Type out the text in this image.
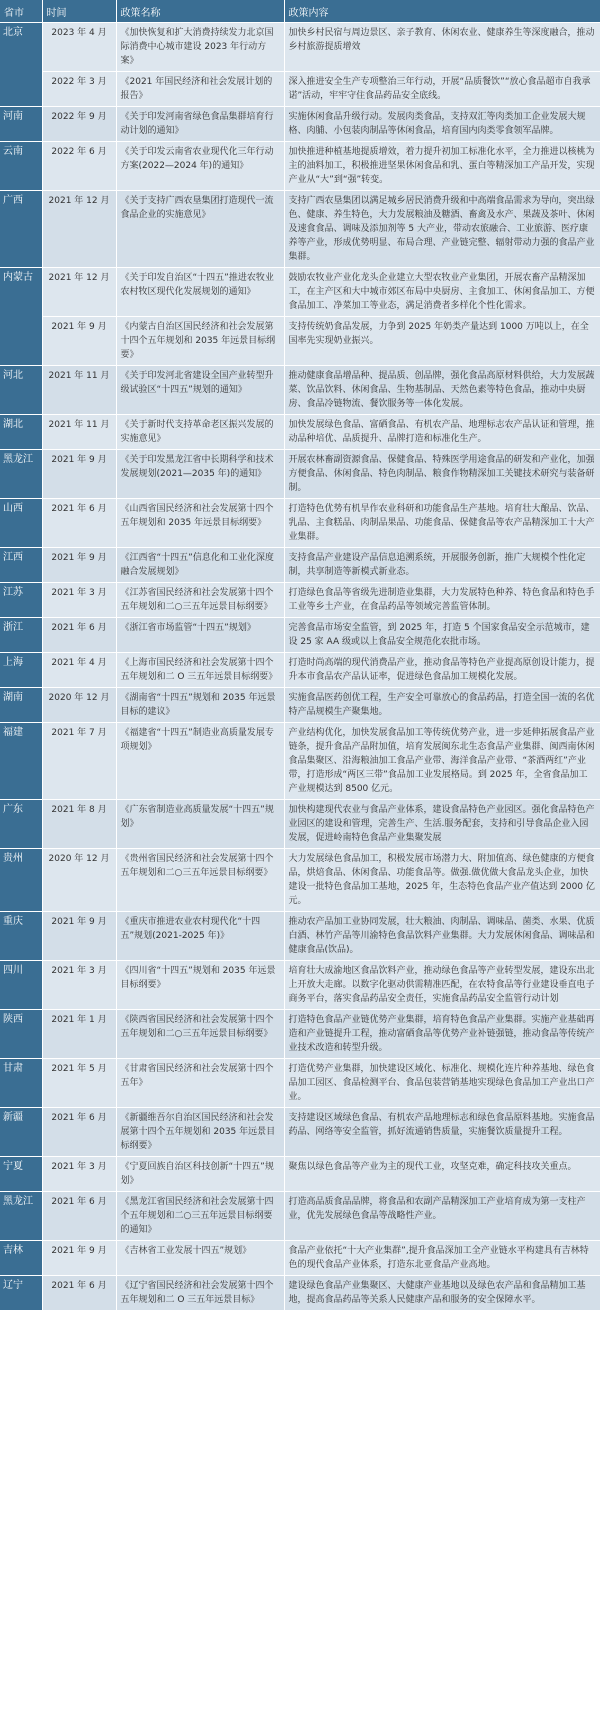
省市	时间	政策名称	政策内容
北京	2023 年 4 月	《加快恢复和扩大消费持续发力北京国际消费中心城市建设 2023 年行动方案》	加快乡村民宿与周边景区、亲子教育、休闲农业、健康养生等深度融合，推动乡村旅游提质增效
	2022 年 3 月	《2021 年国民经济和社会发展计划的报告》	深入推进安全生产专项整治三年行动，开展“品质餐饮”“放心食品超市自我承诺”活动，牢牢守住食品药品安全底线。
河南	2022 年 9 月	《关于印发河南省绿色食品集群培育行动计划的通知》	实施休闲食品升级行动。发展肉类食品，支持双汇等肉类加工企业发展大规格、肉脯、小包装肉制品等休闲食品，培育国内肉类零食领军品牌。
云南	2022 年 6 月	《关于印发云南省农业现代化三年行动方案(2022—2024 年)的通知》	加快推进种植基地提质增效，着力提升初加工标准化水平，全力推进以核桃为主的油料加工，积极推进坚果休闲食品和乳、蛋白等精深加工产品开发，实现产业从“大”到“强”转变。
广西	2021 年 12 月	《关于支持广西农垦集团打造现代一流食品企业的实施意见》	支持广西农垦集团以满足城乡居民消费升级和中高端食品需求为导向，突出绿色、健康、养生特色，大力发展粮油及糖酒、畜禽及水产、果蔬及茶叶、休闲及速食食品、调味及添加剂等 5 大产业，带动农旅融合、工业旅游、医疗康养等产业，形成优势明显、布局合理、产业链完整、辐射带动力强的食品产业集群。
内蒙古	2021 年 12 月	《关于印发自治区“十四五”推进农牧业农村牧区现代化发展规划的通知》	鼓励农牧业产业化龙头企业建立大型农牧业产业集团，开展农畜产品精深加工，在主产区和大中城市郊区布局中央厨房、主食加工、休闲食品加工、方便食品加工、净菜加工等业态，满足消费者多样化个性化需求。
	2021 年 9 月	《内蒙古自治区国民经济和社会发展第十四个五年规划和 2035 年远景目标纲要》	支持传统奶食品发展，力争到 2025 年奶类产量达到 1000 万吨以上，在全国率先实现奶业振兴。
河北	2021 年 11 月	《关于印发河北省建设全国产业转型升级试验区“十四五”规划的通知》	推动健康食品增品种、提品质、创品牌，强化食品高原材料供给，大力发展蔬菜、饮品饮料、休闲食品、生物基制品、天然色素等特色食品，推动中央厨房、食品冷链物流、餐饮服务等一体化发展。
湖北	2021 年 11 月	《关于新时代支持革命老区振兴发展的实施意见》	加快发展绿色食品、富硒食品、有机农产品、地理标志农产品认证和管理，推动品种培优、品质提升、品牌打造和标准化生产。
黑龙江	2021 年 9 月	《关于印发黑龙江省中长期科学和技术发展规划(2021—2035 年)的通知》	开展农林畜副资源食品、保健食品、特殊医学用途食品的研发和产业化，加强方便食品、休闲食品、特色肉制品、粮食作物精深加工关键技术研究与装备研制。
山西	2021 年 6 月	《山西省国民经济和社会发展第十四个五年规划和 2035 年远景目标纲要》	打造特色优势有机旱作农业科研和功能食品生产基地。培育壮大酿品、饮品、乳品、主食糕品、肉制品果品、功能食品、保健食品等农产品精深加工十大产业集群。
江西	2021 年 9 月	《江西省“十四五”信息化和工业化深度融合发展规划》	支持食品产业建设产品信息追溯系统，开展服务创新，推广大规模个性化定制，共享制造等新模式新业态。
江苏	2021 年 3 月	《江苏省国民经济和社会发展第十四个五年规划和二○三五年远景目标纲要》	打造绿色食品等省级先进制造业集群，大力发展特色种养、特色食品和特色手工业等乡土产业，在食品药品等领域完善监管体制。
浙江	2021 年 6 月	《浙江省市场监管“十四五”规划》	完善食品市场安全监管，到 2025 年，打造 5 个国家食品安全示范城市，建设 25 家 AA 级或以上食品安全规范化农批市场。
上海	2021 年 4 月	《上海市国民经济和社会发展第十四个五年规划和二 O 三五年远景目标纲要》	打造时尚高端的现代消费品产业，推动食品等特色产业提高原创设计能力，提升本市食品农产品认证率，促进绿色食品加工规模化发展。
湖南	2020 年 12 月	《湖南省“十四五”规划和 2035 年远景目标的建议》	实施食品医药创优工程，生产安全可靠放心的食品药品，打造全国一流的名优特产品规模生产聚集地。
福建	2021 年 7 月	《福建省“十四五”制造业高质量发展专项规划》	产业结构优化，加快发展食品加工等传统优势产业，进一步延伸拓展食品产业链条，提升食品产品附加值，培育发展闽东北生态食品产业集群、闽西南休闲食品集聚区、沿海粮油加工食品产业带、海洋食品产业带、“茶酒两红”产业带，打造形成“两区三带”食品加工业发展格局。到 2025 年，全省食品加工产业规模达到 8500 亿元。
广东	2021 年 8 月	《广东省制造业高质量发展“十四五”规划》	加快构建现代农业与食品产业体系，建设食品特色产业园区。强化食品特色产业园区的建设和管理，完善生产、生活.服务配套，支持和引导食品企业入园发展，促进岭南特色食品产业集聚发展
贵州	2020 年 12 月	《贵州省国民经济和社会发展第十四个五年规划和二○三五年远景目标纲要》	大力发展绿色食品加工，积极发展市场潜力大、附加值高、绿色健康的方便食品，烘焙食品、休闲食品、功能食品等。做强.做优做大食品龙头企业，加快建设一批特色食品加工基地，2025 年，生态特色食品产业产值达到 2000 亿元。
重庆	2021 年 9 月	《重庆市推进农业农村现代化“十四五”规划(2021-2025 年)》	推动农产品加工业协同发展，壮大粮油、肉制品、调味品、菌类、水果、优质白酒、林竹产品等川渝特色食品饮料产业集群。大力发展休闲食品、调味品和健康食品(饮品)。
四川	2021 年 3 月	《四川省“十四五”规划和 2035 年远景目标纲要》	培育壮大成渝地区食品饮料产业，推动绿色食品等产业转型发展，建设东出北上开放大走廊。以数字化驱动供需精准匹配，在农特食品等行业建设垂直电子商务平台，落实食品药品安全责任，实施食品药品安全监管行动计划
陕西	2021 年 1 月	《陕西省国民经济和社会发展第十四个五年规划和二○三五年远景目标纲要》	打造特色食品产业链优势产业集群，培育特色食品产业集群。实施产业基础再造和产业链提升工程，推动富硒食品等优势产业补链强链，推动食品等传统产业技术改造和转型升级。
甘肃	2021 年 5 月	《甘肃省国民经济和社会发展第十四个五年》	打造优势产业集群，加快建设区域化、标准化、规模化连片种养基地、绿色食品加工园区、食品检测平台、食品包装营销基地实现绿色食品加工产业出口产业。
新疆	2021 年 6 月	《新疆维吾尔自治区国民经济和社会发展第十四个五年规划和 2035 年远景目标纲要》	支持建设区域绿色食品、有机农产品地理标志和绿色食品原料基地。实施食品药品、网络等安全监管，抓好流通销售质量，实施餐饮质量提升工程。
宁夏	2021 年 3 月	《宁夏回族自治区科技创新“十四五”规划》	聚焦以绿色食品等产业为主的现代工业，攻坚克难，确定科技攻关重点。
黑龙江	2021 年 6 月	《黑龙江省国民经济和社会发展第十四个五年规划和二○三五年远景目标纲要的通知》	打造高品质食品品牌，将食品和农副产品精深加工产业培育成为第一支柱产业，优先发展绿色食品等战略性产业。
吉林	2021 年 9 月	《吉林省工业发展十四五”规划》	食品产业依托“十大产业集群”,提升食品深加工全产业链水平构建具有吉林特色的现代食品产业体系，打造东北亚食品产业高地。
辽宁	2021 年 6 月	《辽宁省国民经济和社会发展第十四个五年规划和二 O 三五年远景目标》	建设绿色食品产业集聚区、大健康产业基地以及绿色农产品和食品精加工基地，提高食品药品等关系人民健康产品和服务的安全保障水平。
